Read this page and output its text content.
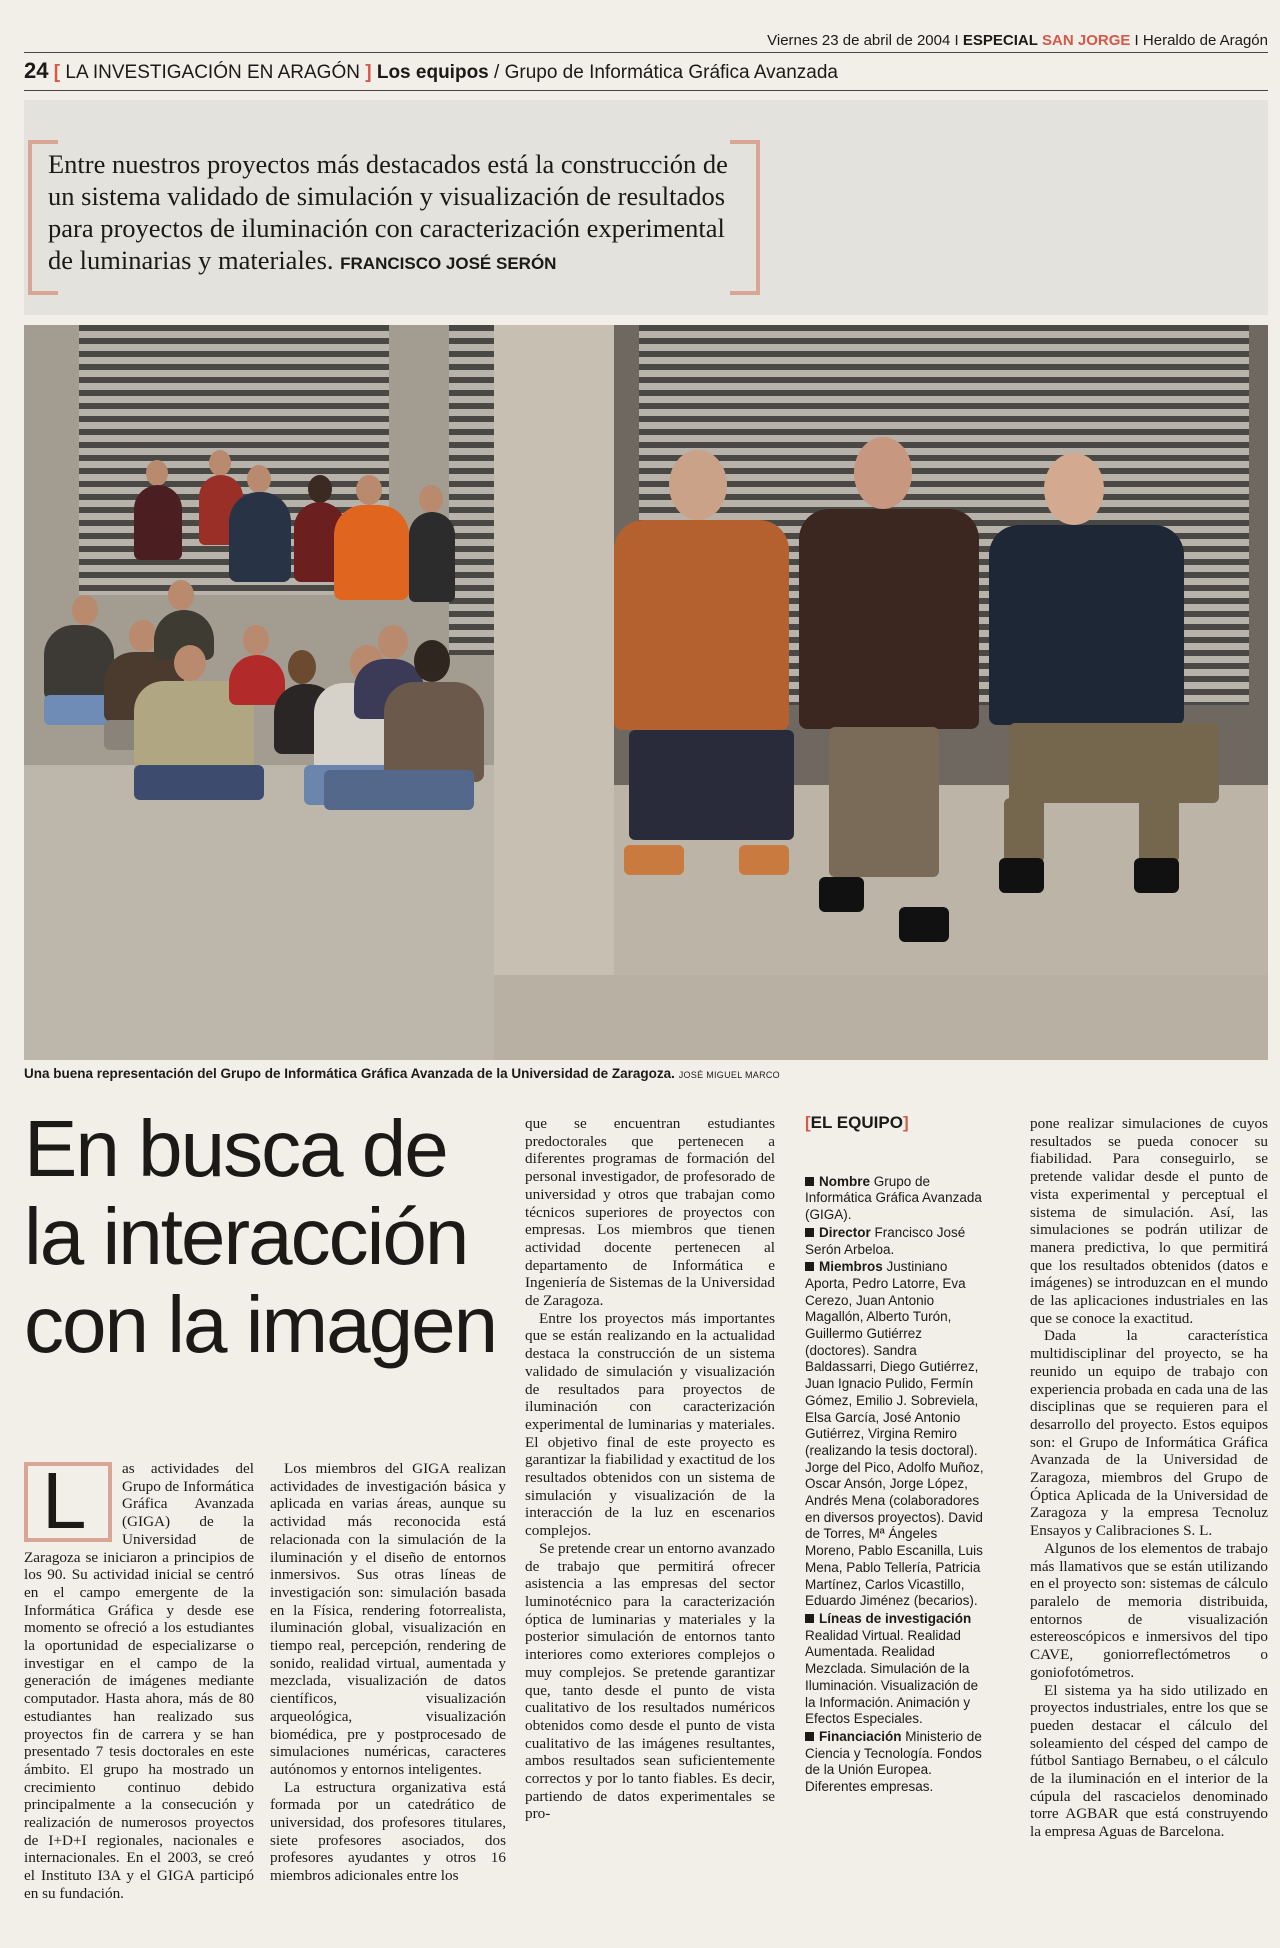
Viernes 23 de abril de 2004 I ESPECIAL SAN JORGE I Heraldo de Aragón
24 [ LA INVESTIGACIÓN EN ARAGÓN ] Los equipos / Grupo de Informática Gráfica Avanzada
Entre nuestros proyectos más destacados está la construcción de un sistema validado de simulación y visualización de resultados para proyectos de iluminación con caracterización experimental de luminarias y materiales. FRANCISCO JOSÉ SERÓN
Una buena representación del Grupo de Informática Gráfica Avanzada de la Universidad de Zaragoza. JOSÉ MIGUEL MARCO
En busca de la interacción con la imagen
L	as actividades del Grupo de Informática Gráfica Avanzada (GIGA) de la Universidad de Zaragoza se iniciaron a principios de los 90. Su actividad inicial se centró en el campo emergente de la Informática Gráfica y desde ese momento se ofreció a los estudiantes la oportunidad de especializarse o investigar en el campo de la generación de imágenes mediante computador. Hasta ahora, más de 80 estudiantes han realizado sus proyectos fin de carrera y se han presentado 7 tesis doctorales en este ámbito. El grupo ha mostrado un crecimiento continuo debido principalmente a la consecución y realización de numerosos proyectos de I+D+I regionales, nacionales e internacionales. En el 2003, se creó el Instituto I3A y el GIGA participó en su fundación.

Los miembros del GIGA realizan actividades de investigación básica y aplicada en varias áreas, aunque su actividad más reconocida está relacionada con la simulación de la iluminación y el diseño de entornos inmersivos. Sus otras líneas de investigación son: simulación basada en la Física, rendering fotorrealista, iluminación global, visualización en tiempo real, percepción, rendering de sonido, realidad virtual, aumentada y mezclada, visualización de datos científicos, visualización arqueológica, visualización biomédica, pre y postprocesado de simulaciones numéricas, caracteres autónomos y entornos inteligentes.

La estructura organizativa está formada por un catedrático de universidad, dos profesores titulares, siete profesores asociados, dos profesores ayudantes y otros 16 miembros adicionales entre los

que se encuentran estudiantes predoctorales que pertenecen a diferentes programas de formación del personal investigador, de profesorado de universidad y otros que trabajan como técnicos superiores de proyectos con empresas. Los miembros que tienen actividad docente pertenecen al departamento de Informática e Ingeniería de Sistemas de la Universidad de Zaragoza.

Entre los proyectos más importantes que se están realizando en la actualidad destaca la construcción de un sistema validado de simulación y visualización de resultados para proyectos de iluminación con caracterización experimental de luminarias y materiales. El objetivo final de este proyecto es garantizar la fiabilidad y exactitud de los resultados obtenidos con un sistema de simulación y visualización de la interacción de la luz en escenarios complejos.

Se pretende crear un entorno avanzado de trabajo que permitirá ofrecer asistencia a las empresas del sector luminotécnico para la caracterización óptica de luminarias y materiales y la posterior simulación de entornos tanto interiores como exteriores complejos o muy complejos. Se pretende garantizar que, tanto desde el punto de vista cualitativo de los resultados numéricos obtenidos como desde el punto de vista cualitativo de las imágenes resultantes, ambos resultados sean suficientemente correctos y por lo tanto fiables. Es decir, partiendo de datos experimentales se pro-

[EL EQUIPO]
Nombre Grupo de Informática Gráfica Avanzada (GIGA).
Director Francisco José Serón Arbeloa.
Miembros Justiniano Aporta, Pedro Latorre, Eva Cerezo, Juan Antonio Magallón, Alberto Turón, Guillermo Gutiérrez (doctores). Sandra Baldassarri, Diego Gutiérrez, Juan Ignacio Pulido, Fermín Gómez, Emilio J. Sobreviela, Elsa García, José Antonio Gutiérrez, Virgina Remiro (realizando la tesis doctoral). Jorge del Pico, Adolfo Muñoz, Oscar Ansón, Jorge López, Andrés Mena (colaboradores en diversos proyectos). David de Torres, Mª Ángeles Moreno, Pablo Escanilla, Luis Mena, Pablo Tellería, Patricia Martínez, Carlos Vicastillo, Eduardo Jiménez (becarios).
Líneas de investigación Realidad Virtual. Realidad Aumentada. Realidad Mezclada. Simulación de la Iluminación. Visualización de la Información. Animación y Efectos Especiales.
Financiación Ministerio de Ciencia y Tecnología. Fondos de la Unión Europea. Diferentes empresas.

pone realizar simulaciones de cuyos resultados se pueda conocer su fiabilidad. Para conseguirlo, se pretende validar desde el punto de vista experimental y perceptual el sistema de simulación. Así, las simulaciones se podrán utilizar de manera predictiva, lo que permitirá que los resultados obtenidos (datos e imágenes) se introduzcan en el mundo de las aplicaciones industriales en las que se conoce la exactitud.

Dada la característica multidisciplinar del proyecto, se ha reunido un equipo de trabajo con experiencia probada en cada una de las disciplinas que se requieren para el desarrollo del proyecto. Estos equipos son: el Grupo de Informática Gráfica Avanzada de la Universidad de Zaragoza, miembros del Grupo de Óptica Aplicada de la Universidad de Zaragoza y la empresa Tecnoluz Ensayos y Calibraciones S. L.

Algunos de los elementos de trabajo más llamativos que se están utilizando en el proyecto son: sistemas de cálculo paralelo de memoria distribuida, entornos de visualización estereoscópicos e inmersivos del tipo CAVE, goniorreflectómetros o goniofotómetros.

El sistema ya ha sido utilizado en proyectos industriales, entre los que se pueden destacar el cálculo del soleamiento del césped del campo de fútbol Santiago Bernabeu, o el cálculo de la iluminación en el interior de la cúpula del rascacielos denominado torre AGBAR que está construyendo la empresa Aguas de Barcelona.
